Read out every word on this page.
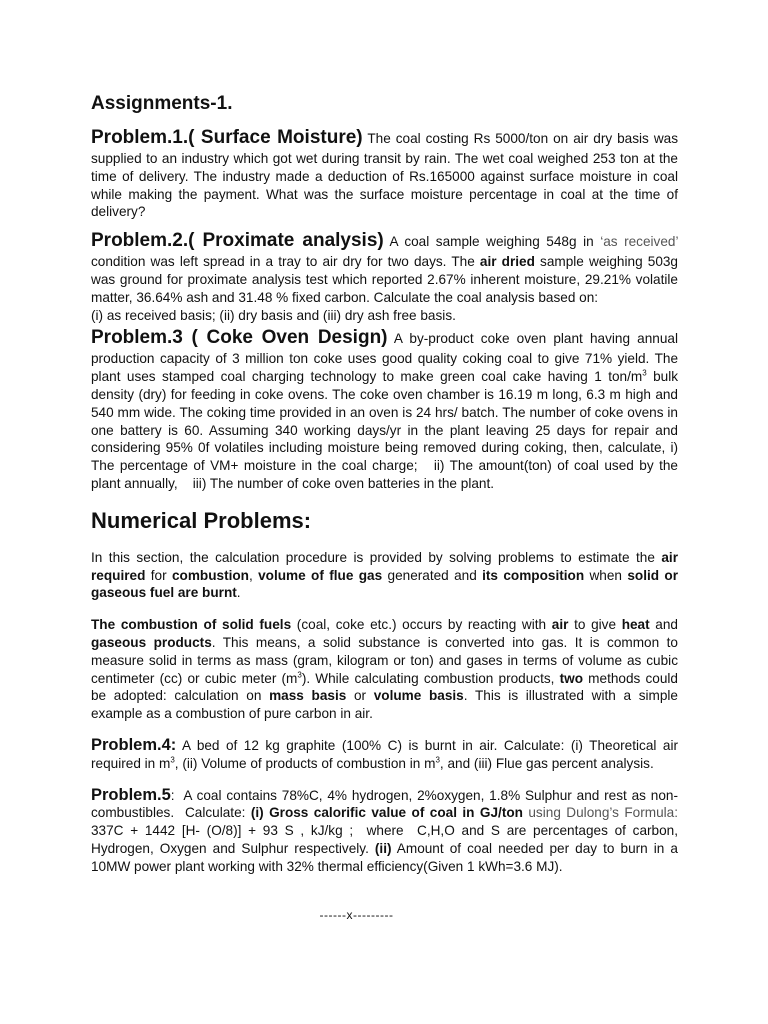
Assignments-1.

Problem.1.( Surface Moisture) The coal costing Rs 5000/ton on air dry basis was supplied to an industry which got wet during transit by rain. The wet coal weighed 253 ton at the time of delivery. The industry made a deduction of Rs.165000 against surface moisture in coal while making the payment. What was the surface moisture percentage in coal at the time of delivery?

Problem.2.( Proximate analysis) A coal sample weighing 548g in ‘as received’ condition was left spread in a tray to air dry for two days. The air dried sample weighing 503g was ground for proximate analysis test which reported 2.67% inherent moisture, 29.21% volatile matter, 36.64% ash and 31.48 % fixed carbon. Calculate the coal analysis based on:
(i) as received basis; (ii) dry basis and (iii) dry ash free basis.

Problem.3 ( Coke Oven Design) A by-product coke oven plant having annual production capacity of 3 million ton coke uses good quality coking coal to give 71% yield. The plant uses stamped coal charging technology to make green coal cake having 1 ton/$m^3$ bulk density (dry) for feeding in coke ovens. The coke oven chamber is 16.19 m long, 6.3 m high and 540 mm wide. The coking time provided in an oven is 24 hrs/ batch. The number of coke ovens in one battery is 60. Assuming 340 working days/yr in the plant leaving 25 days for repair and considering 95% 0f volatiles including moisture being removed during coking, then, calculate, i) The percentage of VM+ moisture in the coal charge;   ii) The amount(ton) of coal used by the plant annually,    iii) The number of coke oven batteries in the plant.

Numerical Problems:

In this section, the calculation procedure is provided by solving problems to estimate the air required for combustion, volume of flue gas generated and its composition when solid or gaseous fuel are burnt.

The combustion of solid fuels (coal, coke etc.) occurs by reacting with air to give heat and gaseous products. This means, a solid substance is converted into gas. It is common to measure solid in terms as mass (gram, kilogram or ton) and gases in terms of volume as cubic centimeter (cc) or cubic meter $(m^3)$. While calculating combustion products, two methods could be adopted: calculation on mass basis or volume basis. This is illustrated with a simple example as a combustion of pure carbon in air.

Problem.4: A bed of 12 kg graphite (100% C) is burnt in air. Calculate: (i) Theoretical air required in $m^3$, (ii) Volume of products of combustion in $m^3$, and (iii) Flue gas percent analysis.

Problem.5:  A coal contains 78%C, 4% hydrogen, 2%oxygen, 1.8% Sulphur and rest as non-combustibles.  Calculate: (i) Gross calorific value of coal in GJ/ton using Dulong’s Formula: 337C + 1442 [H- (O/8)] + 93 S , kJ/kg ;  where  C,H,O and S are percentages of carbon, Hydrogen, Oxygen and Sulphur respectively. (ii) Amount of coal needed per day to burn in a 10MW power plant working with 32% thermal efficiency(Given 1 kWh=3.6 MJ).

------x---------
